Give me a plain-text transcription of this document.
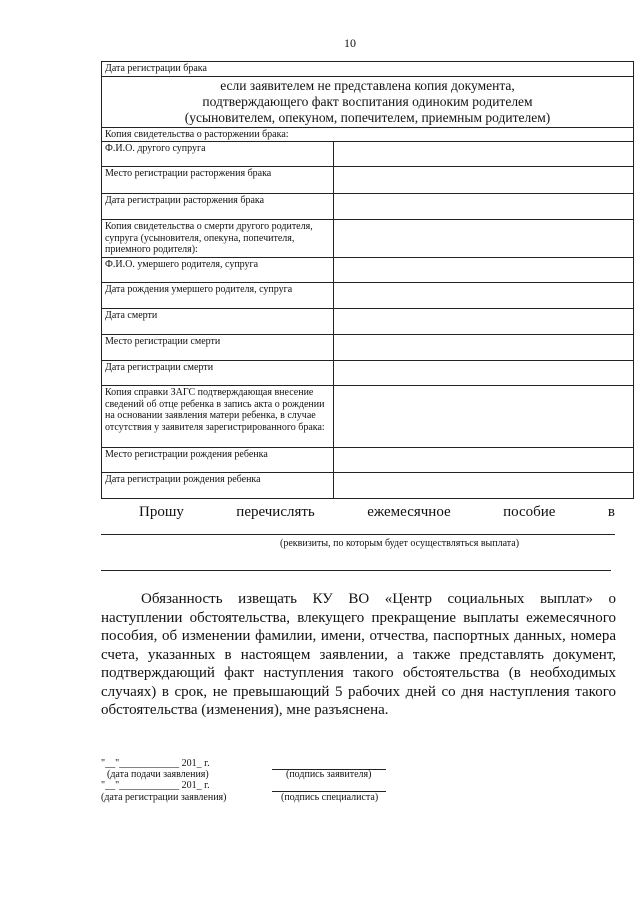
10
Дата регистрации брака	

если заявителем не представлена копия документа,
подтверждающего факт воспитания одиноким родителем
(усыновителем, опекуном, попечителем, приемным родителем)	

Копия свидетельства о расторжении брака:	
Ф.И.О. другого супруга	
Место регистрации расторжения брака	
Дата регистрации расторжения брака	
Копия свидетельства о смерти другого родителя, супруга (усыновителя, опекуна, попечителя, приемного родителя):	
Ф.И.О. умершего родителя, супруга	
Дата рождения умершего родителя, супруга	
Дата смерти	
Место регистрации смерти	
Дата регистрации смерти	
Копия справки ЗАГС подтверждающая внесение сведений об отце ребенка в запись акта о рождении на основании заявления матери ребенка, в случае отсутствия у заявителя зарегистрированного брака:	
Место регистрации рождения ребенка	
Дата регистрации рождения ребенка	
Прошу	перечислять	ежемесячное	пособие	в
(реквизиты, по которым будет осуществляться выплата)

Обязанность извещать КУ ВО «Центр социальных выплат» о наступлении обстоятельства, влекущего прекращение выплаты ежемесячного пособия, об изменении фамилии, имени, отчества, паспортных данных, номера счета, указанных в настоящем заявлении, а также представлять документ, подтверждающий факт наступления такого обстоятельства (в необходимых случаях) в срок, не превышающий 5 рабочих дней со дня наступления такого обстоятельства (изменения), мне разъяснена.

"__"____________ 201_ г.
(дата подачи заявления)	(подпись заявителя)
"__"____________ 201_ г.
(дата регистрации заявления)	(подпись специалиста)
